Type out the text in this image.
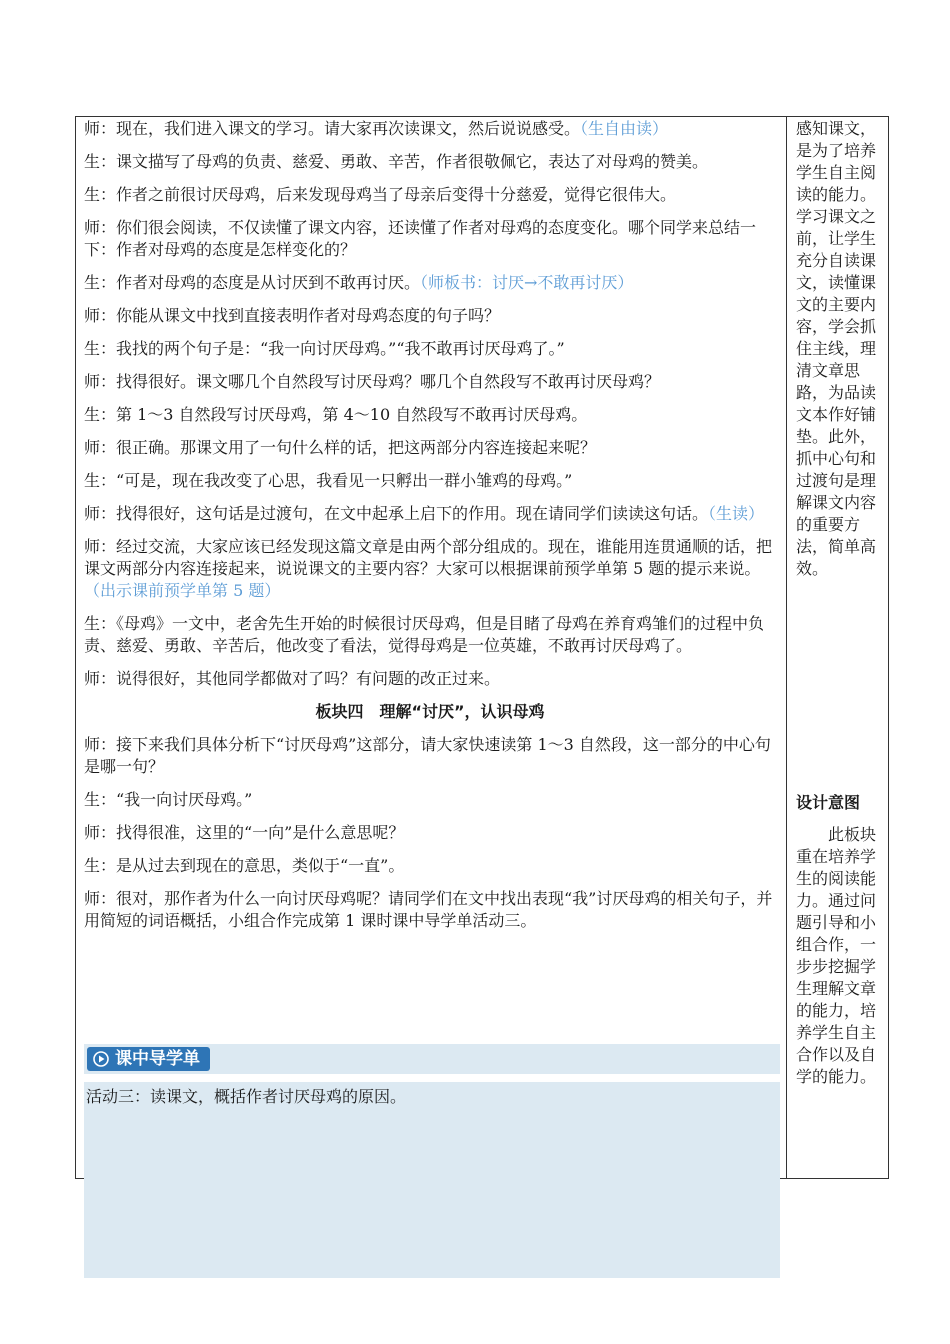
师：现在，我们进入课文的学习。请大家再次读课文，然后说说感受。（生自由读）

生：课文描写了母鸡的负责、慈爱、勇敢、辛苦，作者很敬佩它，表达了对母鸡的赞美。

生：作者之前很讨厌母鸡，后来发现母鸡当了母亲后变得十分慈爱，觉得它很伟大。

师：你们很会阅读，不仅读懂了课文内容，还读懂了作者对母鸡的态度变化。哪个同学来总结一下：作者对母鸡的态度是怎样变化的？

生：作者对母鸡的态度是从讨厌到不敢再讨厌。（师板书：讨厌→不敢再讨厌）

师：你能从课文中找到直接表明作者对母鸡态度的句子吗？

生：我找的两个句子是：“我一向讨厌母鸡。”“我不敢再讨厌母鸡了。”

师：找得很好。课文哪几个自然段写讨厌母鸡？哪几个自然段写不敢再讨厌母鸡？

生：第 1～3 自然段写讨厌母鸡，第 4～10 自然段写不敢再讨厌母鸡。

师：很正确。那课文用了一句什么样的话，把这两部分内容连接起来呢？

生：“可是，现在我改变了心思，我看见一只孵出一群小雏鸡的母鸡。”

师：找得很好，这句话是过渡句，在文中起承上启下的作用。现在请同学们读读这句话。（生读）

师：经过交流，大家应该已经发现这篇文章是由两个部分组成的。现在，谁能用连贯通顺的话，把课文两部分内容连接起来，说说课文的主要内容？大家可以根据课前预学单第 5 题的提示来说。（出示课前预学单第 5 题）

生：《母鸡》一文中，老舍先生开始的时候很讨厌母鸡，但是目睹了母鸡在养育鸡雏们的过程中负责、慈爱、勇敢、辛苦后，他改变了看法，觉得母鸡是一位英雄，不敢再讨厌母鸡了。

师：说得很好，其他同学都做对了吗？有问题的改正过来。

板块四　理解“讨厌”，认识母鸡

师：接下来我们具体分析下“讨厌母鸡”这部分，请大家快速读第 1～3 自然段，这一部分的中心句是哪一句？

生：“我一向讨厌母鸡。”

师：找得很准，这里的“一向”是什么意思呢？

生：是从过去到现在的意思，类似于“一直”。

师：很对，那作者为什么一向讨厌母鸡呢？请同学们在文中找出表现“我”讨厌母鸡的相关句子，并用简短的词语概括，小组合作完成第 1 课时课中导学单活动三。

感知课文，是为了培养学生自主阅读的能力。学习课文之前，让学生充分自读课文，读懂课文的主要内容，学会抓住主线，理清文章思路，为品读文本作好铺垫。此外，抓中心句和过渡句是理解课文内容的重要方法，简单高效。
设计意图
此板块重在培养学生的阅读能力。通过问题引导和小组合作，一步步挖掘学生理解文章的能力，培养学生自主合作以及自学的能力。
课中导学单
活动三：读课文，概括作者讨厌母鸡的原因。
